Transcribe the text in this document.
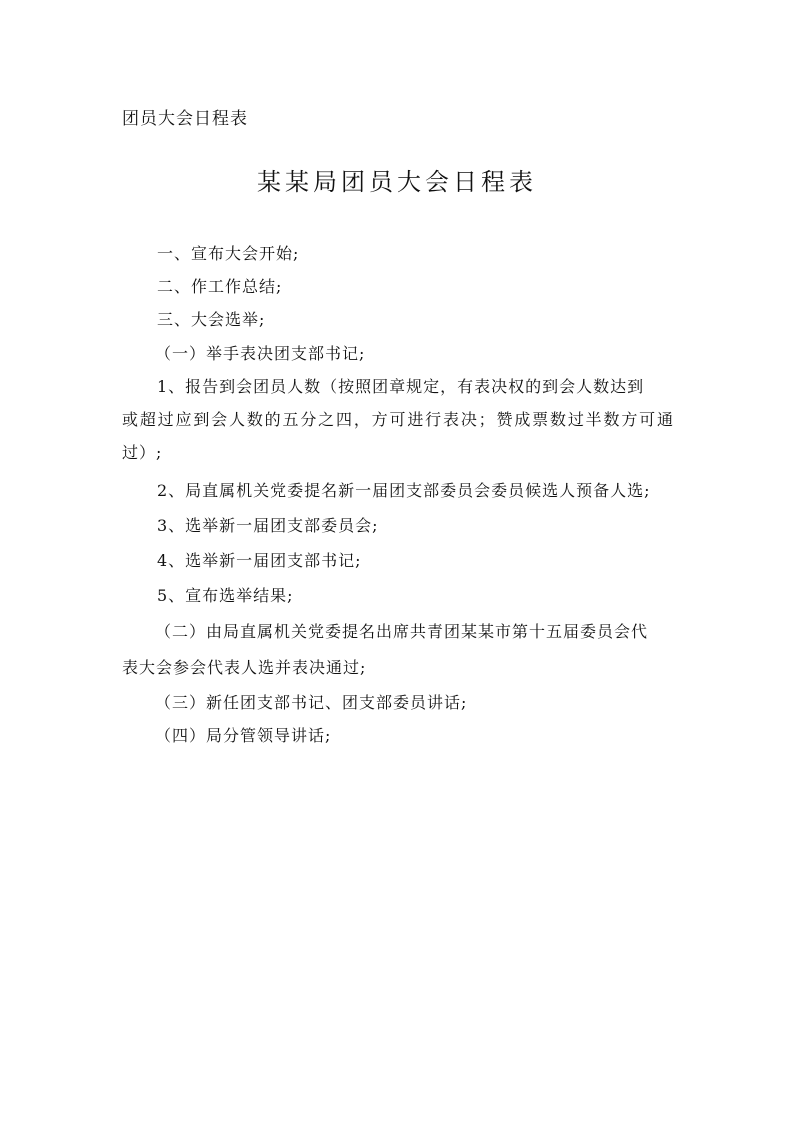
团员大会日程表
某某局团员大会日程表
一、宣布大会开始;
二、作工作总结;
三、大会选举;
（一）举手表决团支部书记;
1、报告到会团员人数（按照团章规定，有表决权的到会人数达到
或超过应到会人数的五分之四，方可进行表决；赞成票数过半数方可通
过）;
2、局直属机关党委提名新一届团支部委员会委员候选人预备人选;
3、选举新一届团支部委员会;
4、选举新一届团支部书记;
5、宣布选举结果;
（二）由局直属机关党委提名出席共青团某某市第十五届委员会代
表大会参会代表人选并表决通过;
（三）新任团支部书记、团支部委员讲话;
（四）局分管领导讲话;
